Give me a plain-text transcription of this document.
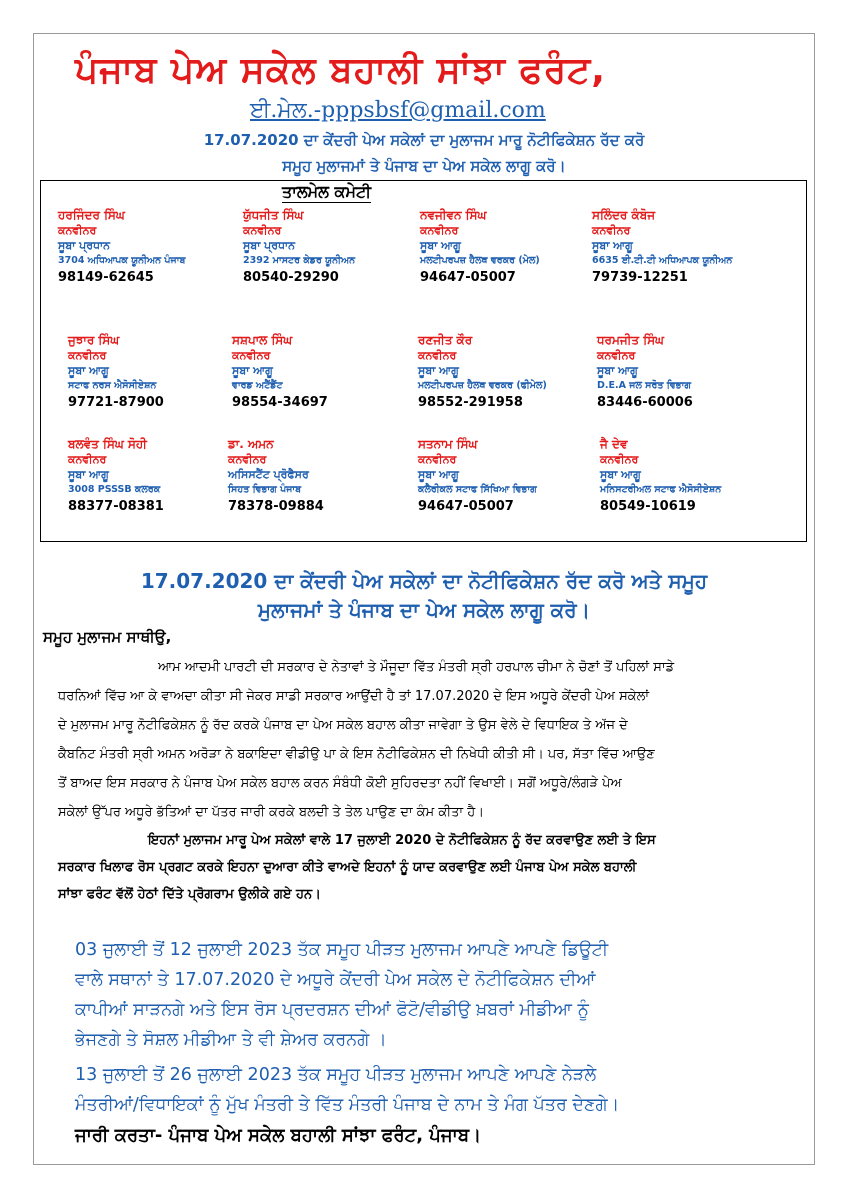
ਪੰਜਾਬ ਪੇਅ ਸਕੇਲ ਬਹਾਲੀ ਸਾਂਝਾ ਫਰੰਟ,
ਈ.ਮੇਲ.-pppsbsf@gmail.com
17.07.2020 ਦਾ ਕੇਂਦਰੀ ਪੇਅ ਸਕੇਲਾਂ ਦਾ ਮੁਲਾਜਮ ਮਾਰੂ ਨੋਟੀਫਿਕੇਸ਼ਨ ਰੱਦ ਕਰੋ
ਸਮੂਹ ਮੁਲਾਜਮਾਂ ਤੇ ਪੰਜਾਬ ਦਾ ਪੇਅ ਸਕੇਲ ਲਾਗੂ ਕਰੋ।
ਤਾਲਮੇਲ ਕਮੇਟੀ
ਹਰਜਿੰਦਰ ਸਿੰਘ
ਕਨਵੀਨਰ
ਸੂਬਾ ਪ੍ਰਧਾਨ
3704 ਅਧਿਆਪਕ ਯੂਨੀਅਨ ਪੰਜਾਬ
98149-62645
ਯੁੱਧਜੀਤ ਸਿੰਘ
ਕਨਵੀਨਰ
ਸੂਬਾ ਪ੍ਰਧਾਨ
2392 ਮਾਸਟਰ ਕੇਡਰ ਯੂਨੀਅਨ
80540-29290
ਨਵਜੀਵਨ ਸਿੰਘ
ਕਨਵੀਨਰ
ਸੂਬਾ ਆਗੂ
ਮਲਟੀਪਰਪਜ਼ ਹੈਲਥ ਵਰਕਰ (ਮੇਲ)
94647-05007
ਸਲਿੰਦਰ ਕੰਬੋਜ
ਕਨਵੀਨਰ
ਸੂਬਾ ਆਗੂ
6635 ਈ.ਟੀ.ਟੀ ਅਧਿਆਪਕ ਯੂਨੀਅਨ
79739-12251
ਜੁਝਾਰ ਸਿੰਘ
ਕਨਵੀਨਰ
ਸੂਬਾ ਆਗੂ
ਸਟਾਫ ਨਰਸ ਐਸੋਸੀਏਸ਼ਨ
97721-87900
ਸਸ਼ਪਾਲ ਸਿੰਘ
ਕਨਵੀਨਰ
ਸੂਬਾ ਆਗੂ
ਵਾਰਡ ਅਟੈਂਡੈਂਟ
98554-34697
ਰਣਜੀਤ ਕੌਰ
ਕਨਵੀਨਰ
ਸੂਬਾ ਆਗੂ
ਮਲਟੀਪਰਪਜ਼ ਹੈਲਥ ਵਰਕਰ (ਫੀਮੇਲ)
98552-291958
ਧਰਮਜੀਤ ਸਿੰਘ
ਕਨਵੀਨਰ
ਸੂਬਾ ਆਗੂ
D.E.A ਜਲ ਸਰੋਤ ਵਿਭਾਗ
83446-60006
ਬਲਵੰਤ ਸਿੰਘ ਸੋਹੀ
ਕਨਵੀਨਰ
ਸੂਬਾ ਆਗੂ
3008 PSSSB ਕਲਰਕ
88377-08381
ਡਾ. ਅਮਨ
ਕਨਵੀਨਰ
ਅਸਿਸਟੈਂਟ ਪ੍ਰੋਫੈਸਰ
ਸਿਹਤ ਵਿਭਾਗ ਪੰਜਾਬ
78378-09884
ਸਤਨਾਮ ਸਿੰਘ
ਕਨਵੀਨਰ
ਸੂਬਾ ਆਗੂ
ਕਲੈਰੀਕਲ ਸਟਾਫ ਸਿੱਖਿਆ ਵਿਭਾਗ
94647-05007
ਜੈ ਦੇਵ
ਕਨਵੀਨਰ
ਸੂਬਾ ਆਗੂ
ਮਨਿਸਟਰੀਅਲ ਸਟਾਫ ਐਸੋਸੀਏਸ਼ਨ
80549-10619
17.07.2020 ਦਾ ਕੇਂਦਰੀ ਪੇਅ ਸਕੇਲਾਂ ਦਾ ਨੋਟੀਫਿਕੇਸ਼ਨ ਰੱਦ ਕਰੋ ਅਤੇ ਸਮੂਹ
ਮੁਲਾਜਮਾਂ ਤੇ ਪੰਜਾਬ ਦਾ ਪੇਅ ਸਕੇਲ ਲਾਗੂ ਕਰੋ।
ਸਮੂਹ ਮੁਲਾਜਮ ਸਾਥੀਉ,
ਆਮ ਆਦਮੀ ਪਾਰਟੀ ਦੀ ਸਰਕਾਰ ਦੇ ਨੇਤਾਵਾਂ ਤੇ ਮੌਜੂਦਾ ਵਿੱਤ ਮੰਤਰੀ ਸ੍ਰੀ ਹਰਪਾਲ ਚੀਮਾ ਨੇ ਚੋਣਾਂ ਤੋਂ ਪਹਿਲਾਂ ਸਾਡੇ
ਧਰਨਿਆਂ ਵਿੱਚ ਆ ਕੇ ਵਾਅਦਾ ਕੀਤਾ ਸੀ ਜੇਕਰ ਸਾਡੀ ਸਰਕਾਰ ਆਉਂਦੀ ਹੈ ਤਾਂ 17.07.2020 ਦੇ ਇਸ ਅਧੂਰੇ ਕੇਂਦਰੀ ਪੇਅ ਸਕੇਲਾਂ
ਦੇ ਮੁਲਾਜਮ ਮਾਰੂ ਨੋਟੀਫਿਕੇਸ਼ਨ ਨੂੰ ਰੱਦ ਕਰਕੇ ਪੰਜਾਬ ਦਾ ਪੇਅ ਸਕੇਲ ਬਹਾਲ ਕੀਤਾ ਜਾਵੇਗਾ ਤੇ ਉਸ ਵੇਲੇ ਦੇ ਵਿਧਾਇਕ ਤੇ ਅੱਜ ਦੇ
ਕੈਬਨਿਟ ਮੰਤਰੀ ਸ੍ਰੀ ਅਮਨ ਅਰੋੜਾ ਨੇ ਬਕਾਇਦਾ ਵੀਡੀਉ ਪਾ ਕੇ ਇਸ ਨੋਟੀਫਿਕੇਸ਼ਨ ਦੀ ਨਿਖੇਧੀ ਕੀਤੀ ਸੀ। ਪਰ, ਸੱਤਾ ਵਿੱਚ ਆਉਣ
ਤੋਂ ਬਾਅਦ ਇਸ ਸਰਕਾਰ ਨੇ ਪੰਜਾਬ ਪੇਅ ਸਕੇਲ ਬਹਾਲ ਕਰਨ ਸੰਬੰਧੀ ਕੋਈ ਸੁਹਿਰਦਤਾ ਨਹੀਂ ਵਿਖਾਈ। ਸਗੋਂ ਅਧੂਰੇ/ਲੰਗੜੇ ਪੇਅ
ਸਕੇਲਾਂ ਉੱਪਰ ਅਧੂਰੇ ਭੱਤਿਆਂ ਦਾ ਪੱਤਰ ਜਾਰੀ ਕਰਕੇ ਬਲਦੀ ਤੇ ਤੇਲ ਪਾਉਣ ਦਾ ਕੰਮ ਕੀਤਾ ਹੈ।
ਇਹਨਾਂ ਮੁਲਾਜਮ ਮਾਰੂ ਪੇਅ ਸਕੇਲਾਂ ਵਾਲੇ 17 ਜੁਲਾਈ 2020 ਦੇ ਨੋਟੀਫਿਕੇਸ਼ਨ ਨੂੰ ਰੱਦ ਕਰਵਾਉਣ ਲਈ ਤੇ ਇਸ
ਸਰਕਾਰ ਖਿਲਾਫ ਰੋਸ ਪ੍ਰਗਟ ਕਰਕੇ ਇਹਨਾ ਦੁਆਰਾ ਕੀਤੇ ਵਾਅਦੇ ਇਹਨਾਂ ਨੂੰ ਯਾਦ ਕਰਵਾਉਣ ਲਈ ਪੰਜਾਬ ਪੇਅ ਸਕੇਲ ਬਹਾਲੀ
ਸਾਂਝਾ ਫਰੰਟ ਵੱਲੋਂ ਹੇਠਾਂ ਦਿੱਤੇ ਪ੍ਰੋਗਰਾਮ ਉਲੀਕੇ ਗਏ ਹਨ।
03 ਜੁਲਾਈ ਤੋਂ 12 ਜੁਲਾਈ 2023 ਤੱਕ ਸਮੂਹ ਪੀੜਤ ਮੁਲਾਜਮ ਆਪਣੇ ਆਪਣੇ ਡਿਊਟੀ
ਵਾਲੇ ਸਥਾਨਾਂ ਤੇ 17.07.2020 ਦੇ ਅਧੂਰੇ ਕੇਂਦਰੀ ਪੇਅ ਸਕੇਲ ਦੇ ਨੋਟੀਫਿਕੇਸ਼ਨ ਦੀਆਂ
ਕਾਪੀਆਂ ਸਾੜਨਗੇ ਅਤੇ ਇਸ ਰੋਸ ਪ੍ਰਦਰਸ਼ਨ ਦੀਆਂ ਫੋਟੋ/ਵੀਡੀਉ ਖ਼ਬਰਾਂ ਮੀਡੀਆ ਨੂੰ
ਭੇਜਣਗੇ ਤੇ ਸੋਸ਼ਲ ਮੀਡੀਆ ਤੇ ਵੀ ਸ਼ੇਅਰ ਕਰਨਗੇ ।
13 ਜੁਲਾਈ ਤੋਂ 26 ਜੁਲਾਈ 2023 ਤੱਕ ਸਮੂਹ ਪੀੜਤ ਮੁਲਾਜਮ ਆਪਣੇ ਆਪਣੇ ਨੇੜਲੇ
ਮੰਤਰੀਆਂ/ਵਿਧਾਇਕਾਂ ਨੂੰ ਮੁੱਖ ਮੰਤਰੀ ਤੇ ਵਿੱਤ ਮੰਤਰੀ ਪੰਜਾਬ ਦੇ ਨਾਮ ਤੇ ਮੰਗ ਪੱਤਰ ਦੇਣਗੇ।
ਜਾਰੀ ਕਰਤਾ- ਪੰਜਾਬ ਪੇਅ ਸਕੇਲ ਬਹਾਲੀ ਸਾਂਝਾ ਫਰੰਟ, ਪੰਜਾਬ।
